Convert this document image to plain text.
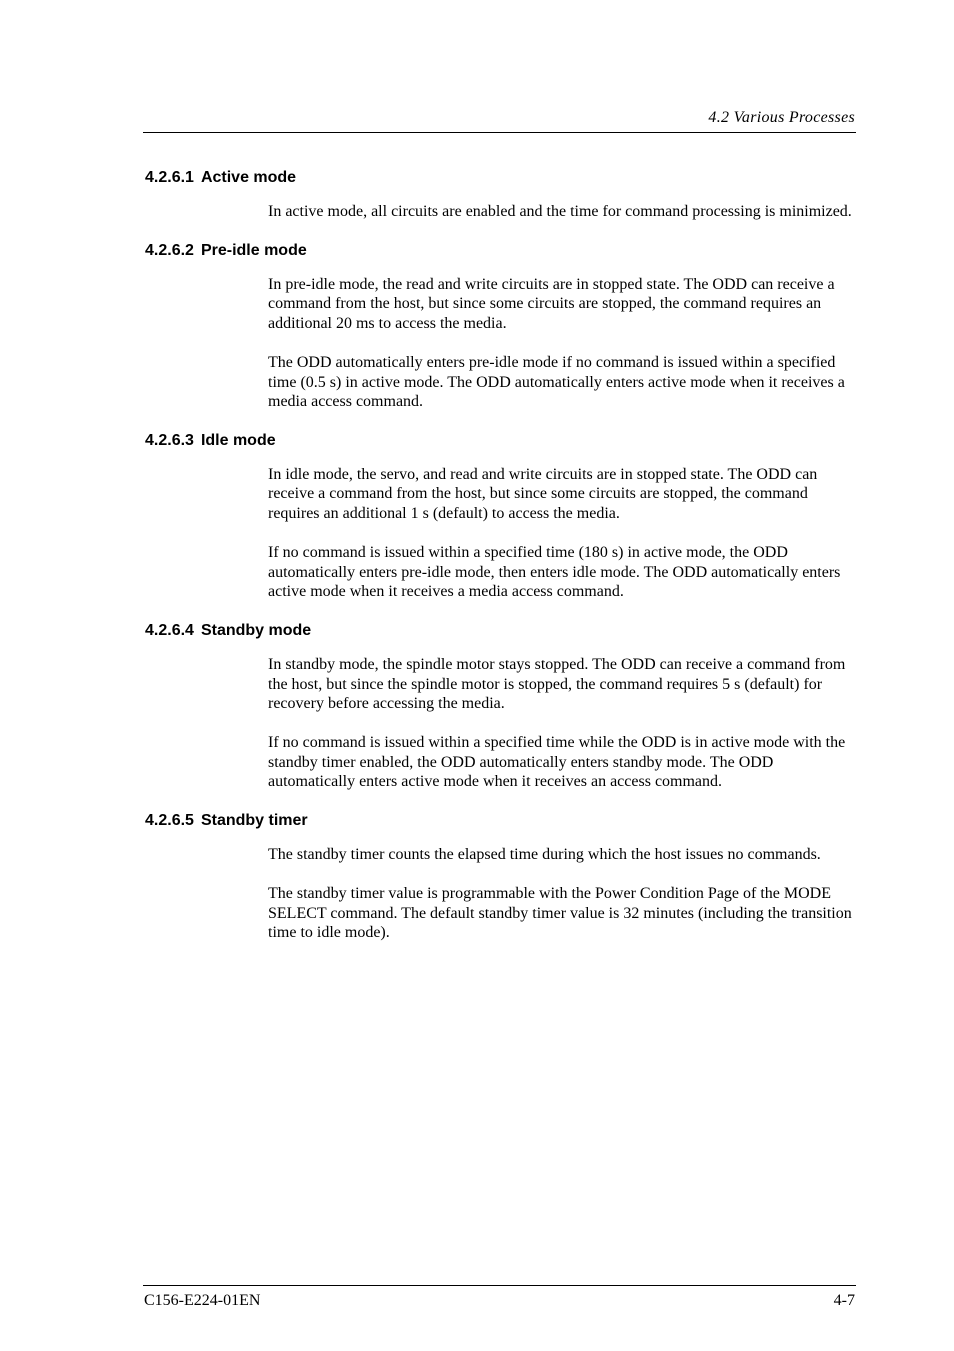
4.2 Various Processes
4.2.6.1 Active mode

In active mode, all circuits are enabled and the time for command processing is minimized.

4.2.6.2 Pre-idle mode

In pre-idle mode, the read and write circuits are in stopped state. The ODD can receive a command from the host, but since some circuits are stopped, the command requires an additional 20 ms to access the media.

The ODD automatically enters pre-idle mode if no command is issued within a specified time (0.5 s) in active mode. The ODD automatically enters active mode when it receives a media access command.

4.2.6.3 Idle mode

In idle mode, the servo, and read and write circuits are in stopped state. The ODD can receive a command from the host, but since some circuits are stopped, the command requires an additional 1 s (default) to access the media.

If no command is issued within a specified time (180 s) in active mode, the ODD automatically enters pre-idle mode, then enters idle mode. The ODD automatically enters active mode when it receives a media access command.

4.2.6.4 Standby mode

In standby mode, the spindle motor stays stopped. The ODD can receive a command from the host, but since the spindle motor is stopped, the command requires 5 s (default) for recovery before accessing the media.

If no command is issued within a specified time while the ODD is in active mode with the standby timer enabled, the ODD automatically enters standby mode. The ODD automatically enters active mode when it receives an access command.

4.2.6.5 Standby timer

The standby timer counts the elapsed time during which the host issues no commands.

The standby timer value is programmable with the Power Condition Page of the MODE SELECT command. The default standby timer value is 32 minutes (including the transition time to idle mode).

C156-E224-01EN	4-7
